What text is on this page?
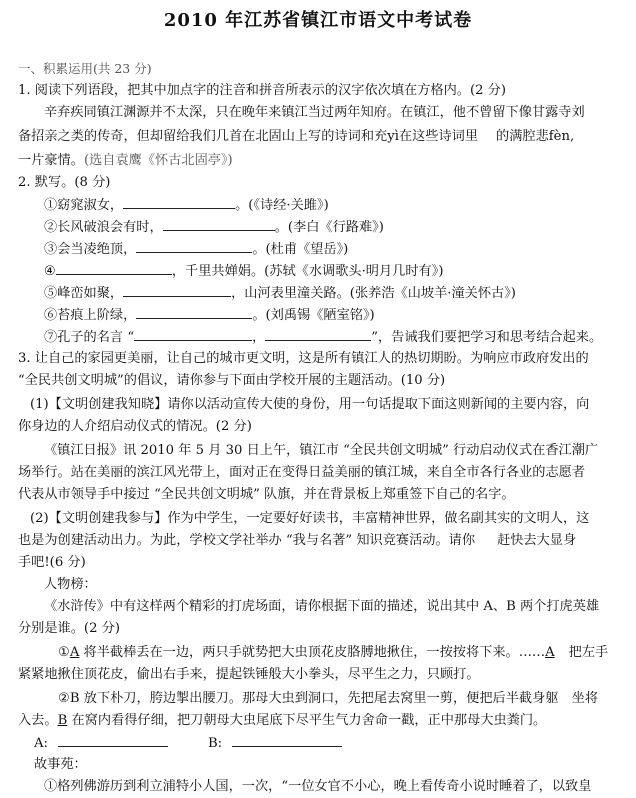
2010 年江苏省镇江市语文中考试卷
一、积累运用(共 23 分)
1. 阅读下列语段，把其中加点字的注音和拼音所表示的汉字依次填在方格内。(2 分)
辛弃疾同镇江渊源并不太深，只在晚年来镇江当过两年知府。在镇江，他不曾留下像甘露寺刘
备招亲之类的传奇，但却留给我们几首在北固山上写的诗词和充yì在这些诗词里 的满腔悲fèn,
一片豪情。(选自袁鹰《怀古北固亭》)
2. 默写。(8 分)
①窈窕淑女，	。(《诗经·关雎》)
②长风破浪会有时，	。(李白《行路难》)
③会当凌绝顶，	。(杜甫《望岳》)
④	，千里共婵娟。(苏轼《水调歌头·明月几时有》)
⑤峰峦如聚，	，山河表里潼关路。(张养浩《山坡羊·潼关怀古》)
⑥苔痕上阶绿，	。(刘禹锡《陋室铭》)
⑦孔子的名言 “	，	”，告诫我们要把学习和思考结合起来。
3. 让自己的家园更美丽，让自己的城市更文明，这是所有镇江人的热切期盼。为响应市政府发出的
“全民共创文明城”的倡议，请你参与下面由学校开展的主题活动。(10 分)
(1)【文明创建我知晓】请你以活动宣传大使的身份，用一句话提取下面这则新闻的主要内容，向
你身边的人介绍启动仪式的情况。(2 分)
《镇江日报》讯 2010 年 5 月 30 日上午，镇江市 “全民共创文明城” 行动启动仪式在香江潮广
场举行。站在美丽的滨江风光带上，面对正在变得日益美丽的镇江城，来自全市各行各业的志愿者
代表从市领导手中接过 “全民共创文明城” 队旗，并在背景板上郑重签下自己的名字。
(2)【文明创建我参与】作为中学生，一定要好好读书，丰富精神世界，做名副其实的文明人，这
也是为创建活动出力。为此，学校文学社举办 “我与名著” 知识竞赛活动。请你 赶快去大显身
手吧!(6 分)
人物榜：
《水浒传》中有这样两个精彩的打虎场面，请你根据下面的描述，说出其中 A、B 两个打虎英雄
分别是谁。(2 分)
①A 将半截棒丢在一边，两只手就势把大虫顶花皮胳膊地揪住，一按按将下来。……A 把左手
紧紧地揪住顶花皮，偷出右手来，提起铁锤般大小拳头，尽平生之力，只顾打。
②B 放下朴刀，胯边掣出腰刀。那母大虫到洞口，先把尾去窝里一剪，便把后半截身躯　坐将
入去。B 在窝内看得仔细，把刀朝母大虫尾底下尽平生气力舍命一戳，正中那母大虫粪门。
A:	B:
故事苑：
①格列佛游历到利立浦特小人国，一次，“一位女官不小心，晚上看传奇小说时睡着了，以致皇
